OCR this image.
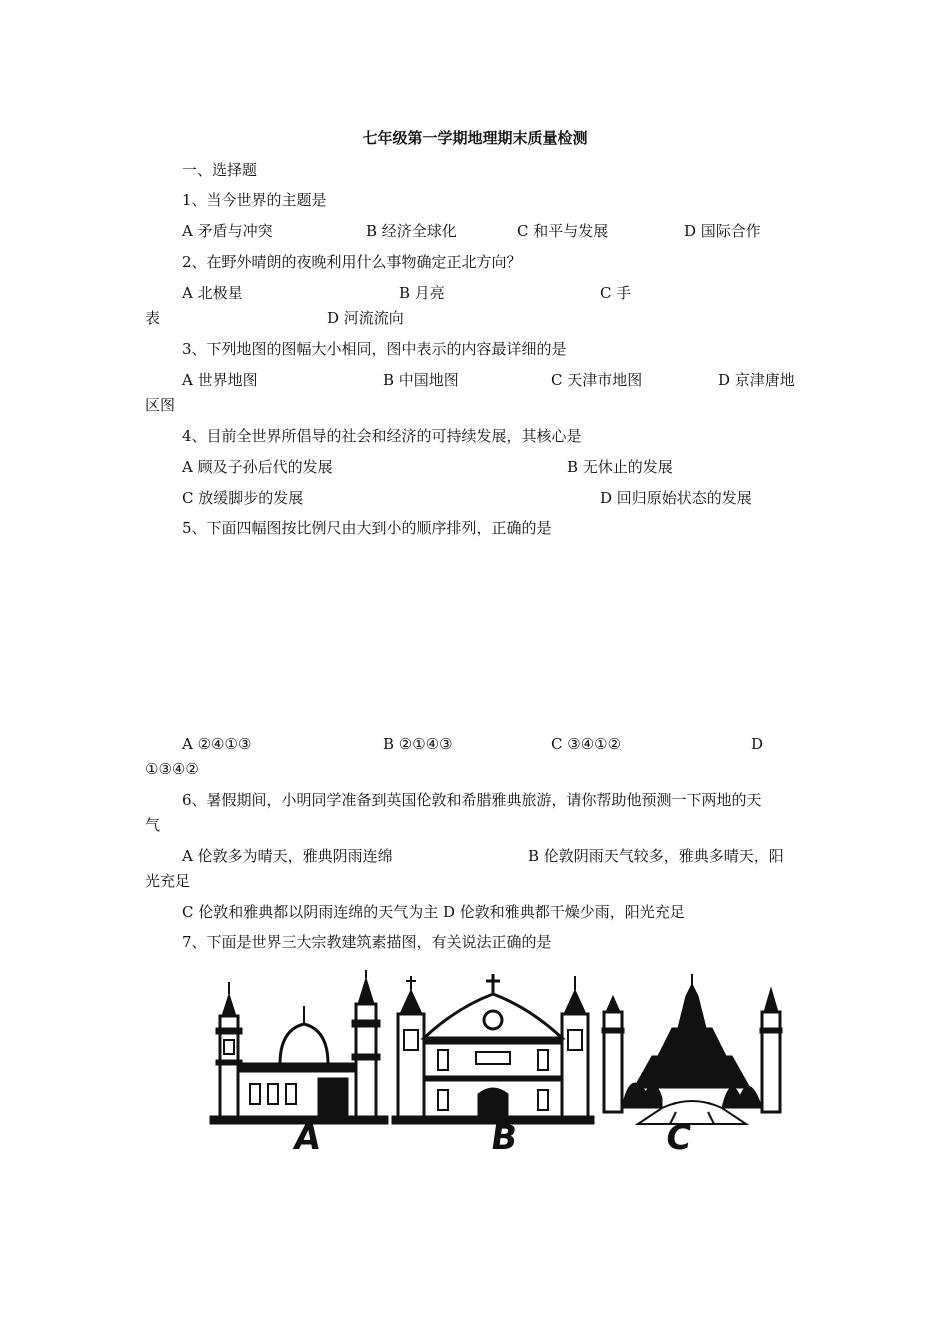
七年级第一学期地理期末质量检测
一、选择题
1、当今世界的主题是
A 矛盾与冲突	B 经济全球化	C 和平与发展	D 国际合作
2、在野外晴朗的夜晚利用什么事物确定正北方向？
A 北极星	B 月亮	C 手
表	D 河流流向
3、下列地图的图幅大小相同，图中表示的内容最详细的是
A 世界地图	B 中国地图	C 天津市地图	D 京津唐地
区图
4、目前全世界所倡导的社会和经济的可持续发展，其核心是
A 顾及子孙后代的发展	B 无休止的发展
C 放缓脚步的发展	D 回归原始状态的发展
5、下面四幅图按比例尺由大到小的顺序排列，正确的是
A ②④①③	B ②①④③	C ③④①②	D
①③④②
6、暑假期间，小明同学准备到英国伦敦和希腊雅典旅游，请你帮助他预测一下两地的天
气
A 伦敦多为晴天，雅典阴雨连绵	B 伦敦阴雨天气较多，雅典多晴天，阳
光充足
C 伦敦和雅典都以阴雨连绵的天气为主 D 伦敦和雅典都干燥少雨，阳光充足
7、下面是世界三大宗教建筑素描图，有关说法正确的是
A	B	C
